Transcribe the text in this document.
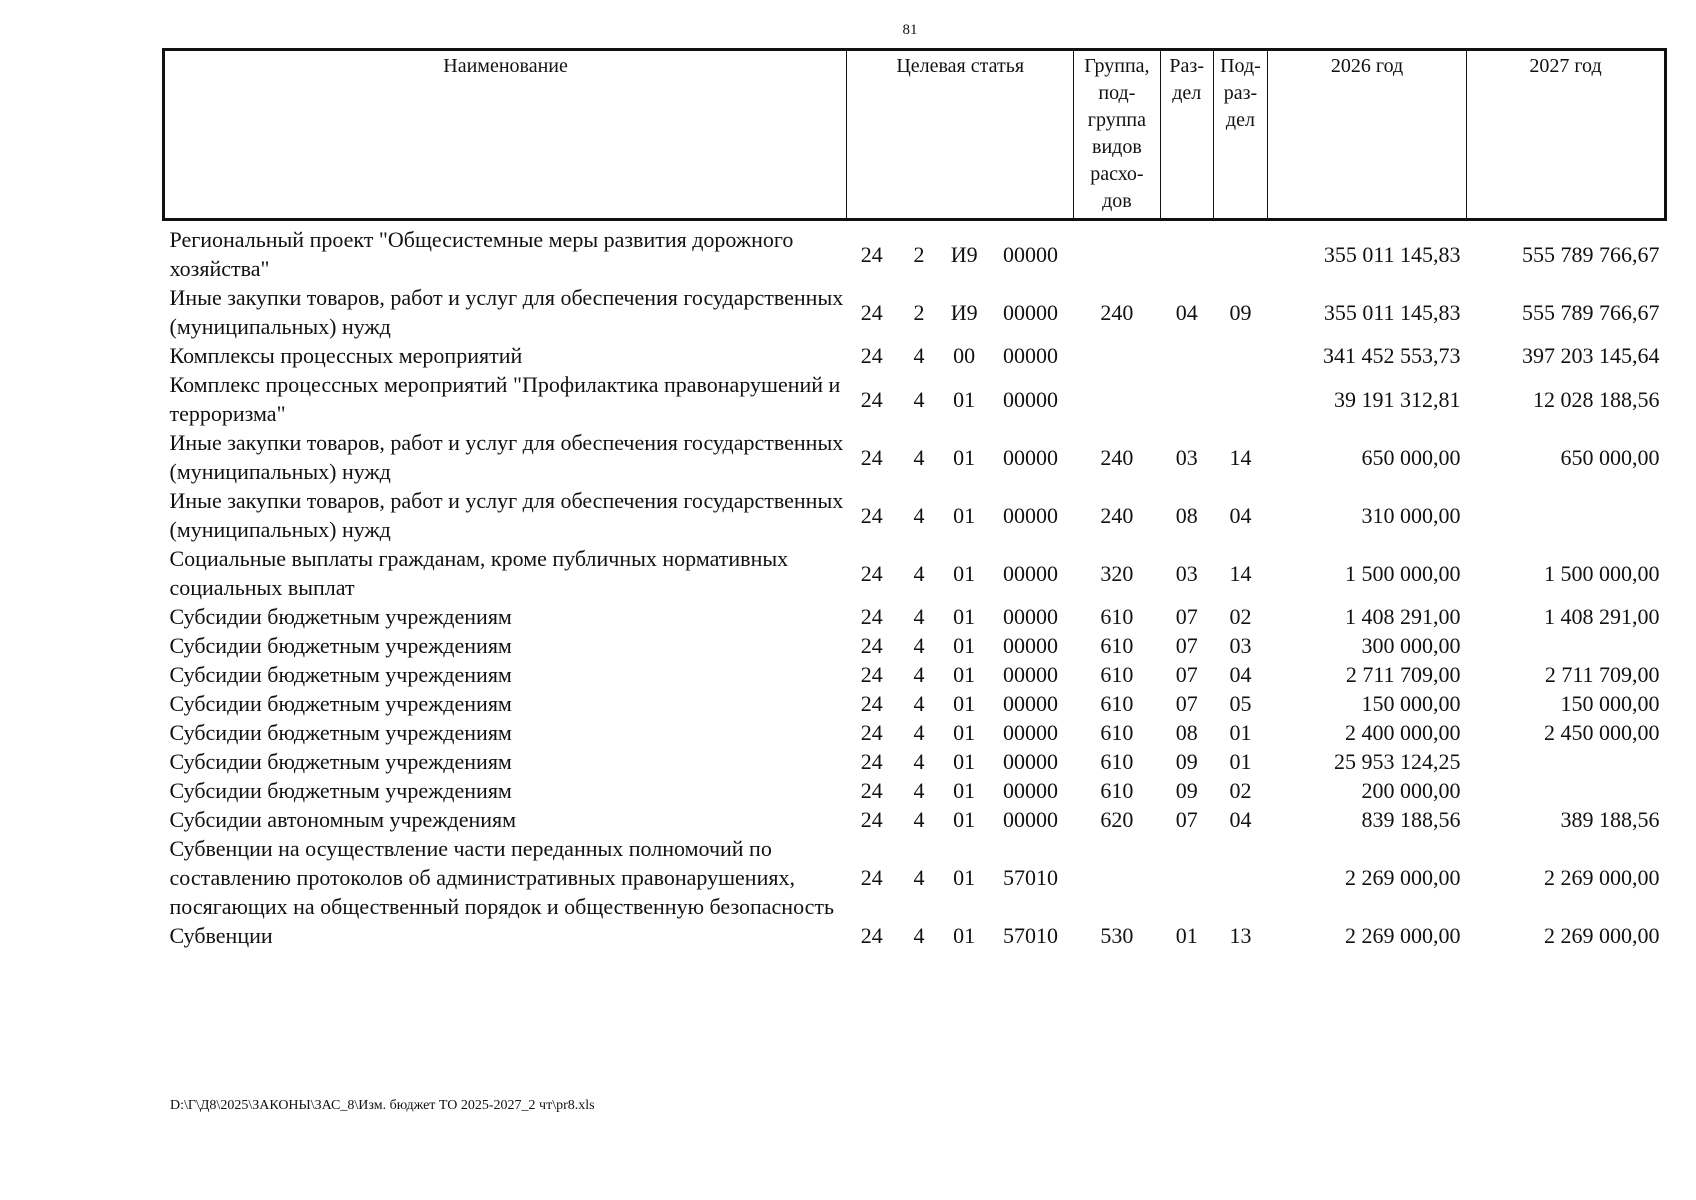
81
Наименование	Целевая статья				Группа, под- группа видов расхо- дов	Раз- дел	Под- раз- дел	2026 год	2027 год
Региональный проект "Общесистемные меры развития дорожного хозяйства"	24	2	И9	00000				355 011 145,83	555 789 766,67
Иные закупки товаров, работ и услуг для обеспечения государственных (муниципальных) нужд	24	2	И9	00000	240	04	09	355 011 145,83	555 789 766,67
Комплексы процессных мероприятий	24	4	00	00000				341 452 553,73	397 203 145,64
Комплекс процессных мероприятий "Профилактика правонарушений и терроризма"	24	4	01	00000				39 191 312,81	12 028 188,56
Иные закупки товаров, работ и услуг для обеспечения государственных (муниципальных) нужд	24	4	01	00000	240	03	14	650 000,00	650 000,00
Иные закупки товаров, работ и услуг для обеспечения государственных (муниципальных) нужд	24	4	01	00000	240	08	04	310 000,00	
Социальные выплаты гражданам, кроме публичных нормативных социальных выплат	24	4	01	00000	320	03	14	1 500 000,00	1 500 000,00
Субсидии бюджетным учреждениям	24	4	01	00000	610	07	02	1 408 291,00	1 408 291,00
Субсидии бюджетным учреждениям	24	4	01	00000	610	07	03	300 000,00	
Субсидии бюджетным учреждениям	24	4	01	00000	610	07	04	2 711 709,00	2 711 709,00
Субсидии бюджетным учреждениям	24	4	01	00000	610	07	05	150 000,00	150 000,00
Субсидии бюджетным учреждениям	24	4	01	00000	610	08	01	2 400 000,00	2 450 000,00
Субсидии бюджетным учреждениям	24	4	01	00000	610	09	01	25 953 124,25	
Субсидии бюджетным учреждениям	24	4	01	00000	610	09	02	200 000,00	
Субсидии автономным учреждениям	24	4	01	00000	620	07	04	839 188,56	389 188,56
Субвенции на осуществление части переданных полномочий по составлению протоколов об административных правонарушениях, посягающих на общественный порядок и общественную безопасность	24	4	01	57010				2 269 000,00	2 269 000,00
Субвенции	24	4	01	57010	530	01	13	2 269 000,00	2 269 000,00
D:\Г\Д8\2025\ЗАКОНЫ\ЗАС_8\Изм. бюджет ТО 2025-2027_2 чт\pr8.xls
